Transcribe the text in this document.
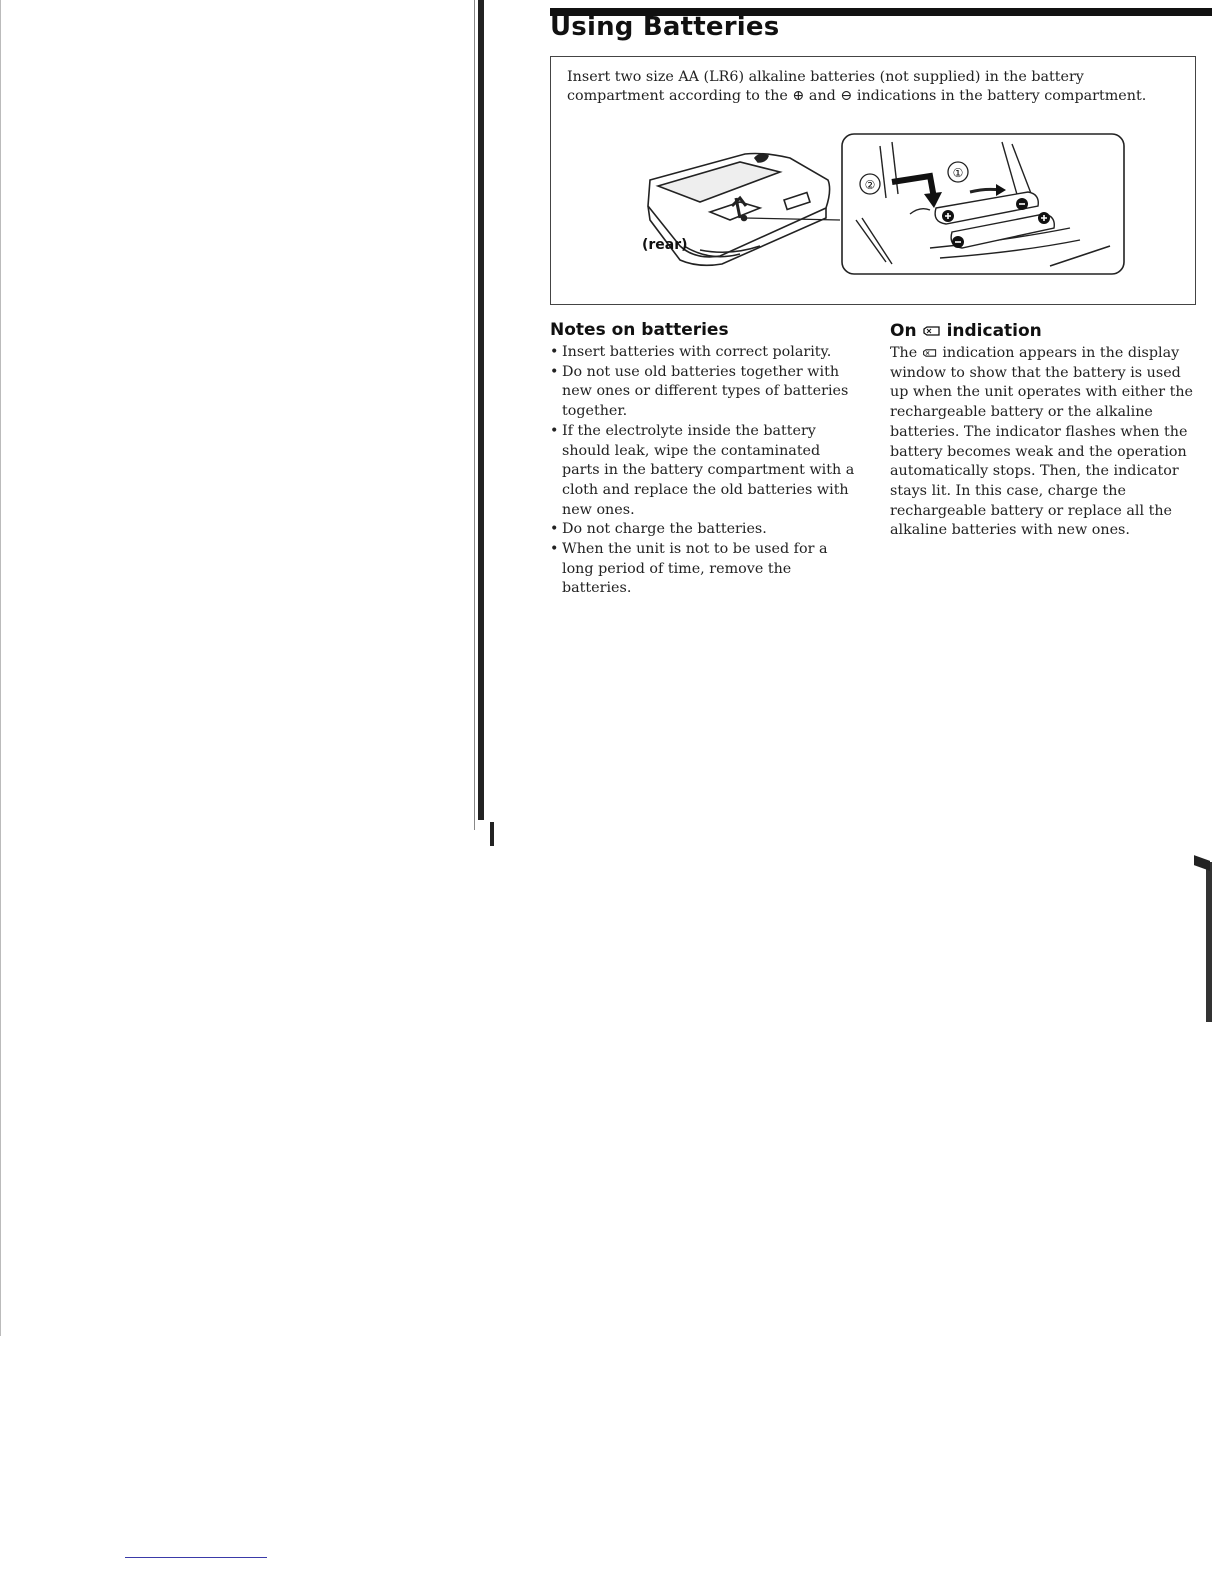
Using Batteries

Insert two size AA (LR6) alkaline batteries (not supplied) in the battery compartment according to the ⊕ and ⊖ indications in the battery compartment.

(rear)
②
①
Notes on batteries
• Insert batteries with correct polarity.
• Do not use old batteries together with new ones or different types of batteries together.
• If the electrolyte inside the battery should leak, wipe the contaminated parts in the battery compartment with a cloth and replace the old batteries with new ones.
• Do not charge the batteries.
• When the unit is not to be used for a long period of time, remove the batteries.
On indication

The indication appears in the display window to show that the battery is used up when the unit operates with either the rechargeable battery or the alkaline batteries. The indicator flashes when the battery becomes weak and the operation automatically stops. Then, the indicator stays lit. In this case, charge the rechargeable battery or replace all the alkaline batteries with new ones.
